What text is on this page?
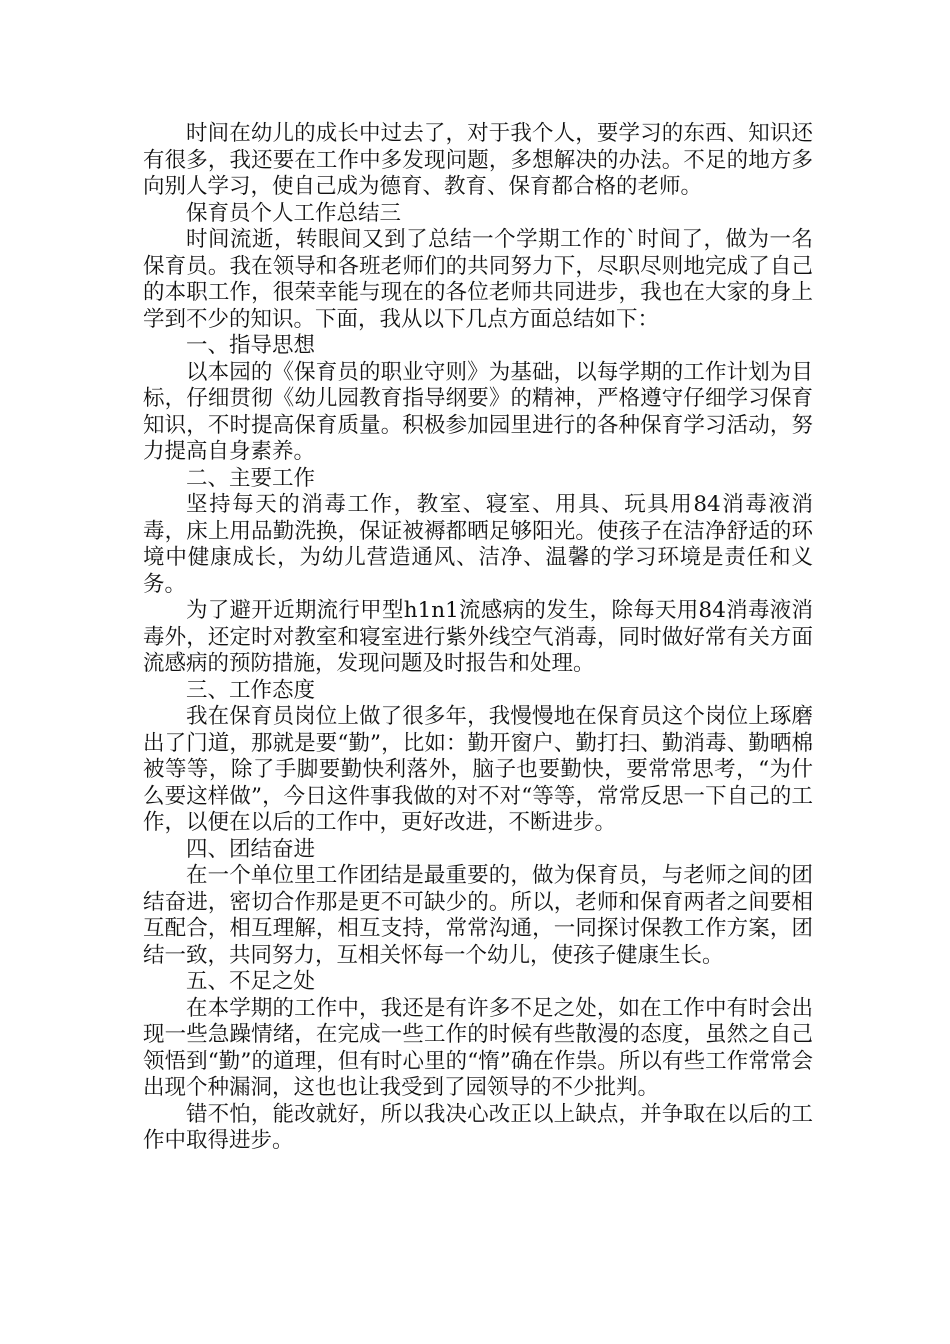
时间在幼儿的成长中过去了，对于我个人，要学习的东西、知识还有很多，我还要在工作中多发现问题，多想解决的办法。不足的地方多向别人学习，使自己成为德育、教育、保育都合格的老师。

保育员个人工作总结三

时间流逝，转眼间又到了总结一个学期工作的`时间了，做为一名保育员。我在领导和各班老师们的共同努力下，尽职尽则地完成了自己的本职工作，很荣幸能与现在的各位老师共同进步，我也在大家的身上学到不少的知识。下面，我从以下几点方面总结如下：

一、指导思想

以本园的《保育员的职业守则》为基础，以每学期的工作计划为目标，仔细贯彻《幼儿园教育指导纲要》的精神，严格遵守仔细学习保育知识，不时提高保育质量。积极参加园里进行的各种保育学习活动，努力提高自身素养。

二、主要工作

坚持每天的消毒工作，教室、寝室、用具、玩具用84消毒液消毒，床上用品勤洗换，保证被褥都晒足够阳光。使孩子在洁净舒适的环境中健康成长，为幼儿营造通风、洁净、温馨的学习环境是责任和义务。

为了避开近期流行甲型h1n1流感病的发生，除每天用84消毒液消毒外，还定时对教室和寝室进行紫外线空气消毒，同时做好常有关方面流感病的预防措施，发现问题及时报告和处理。

三、工作态度

我在保育员岗位上做了很多年，我慢慢地在保育员这个岗位上琢磨出了门道，那就是要“勤”，比如：勤开窗户、勤打扫、勤消毒、勤晒棉被等等，除了手脚要勤快利落外，脑子也要勤快，要常常思考，“为什么要这样做”，今日这件事我做的对不对“等等，常常反思一下自己的工作，以便在以后的工作中，更好改进，不断进步。

四、团结奋进

在一个单位里工作团结是最重要的，做为保育员，与老师之间的团结奋进，密切合作那是更不可缺少的。所以，老师和保育两者之间要相互配合，相互理解，相互支持，常常沟通，一同探讨保教工作方案，团结一致，共同努力，互相关怀每一个幼儿，使孩子健康生长。

五、不足之处

在本学期的工作中，我还是有许多不足之处，如在工作中有时会出现一些急躁情绪，在完成一些工作的时候有些散漫的态度，虽然之自己领悟到“勤”的道理，但有时心里的“惰”确在作祟。所以有些工作常常会出现个种漏洞，这也也让我受到了园领导的不少批判。

错不怕，能改就好，所以我决心改正以上缺点，并争取在以后的工作中取得进步。
